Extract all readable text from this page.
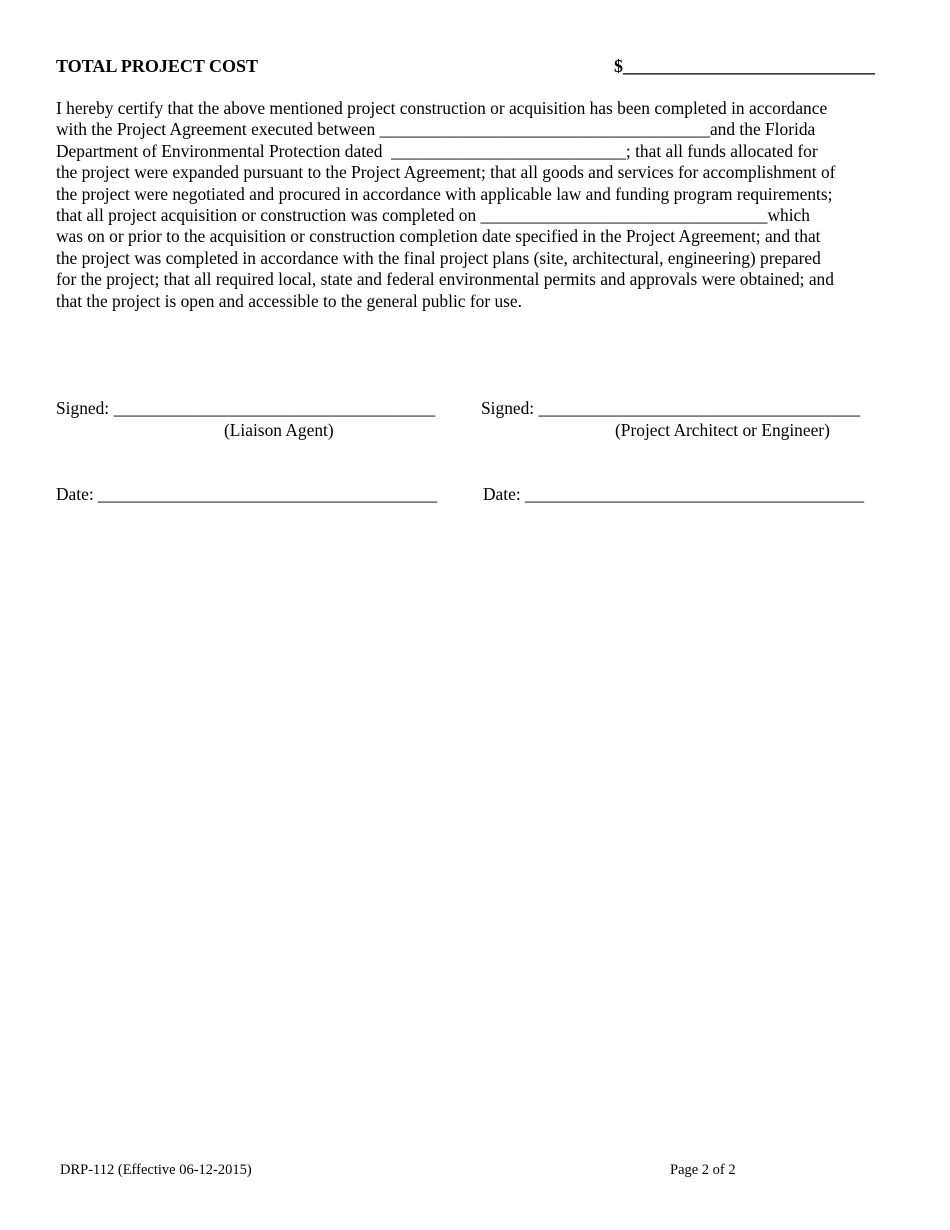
TOTAL PROJECT COST	$____________________________
I hereby certify that the above mentioned project construction or acquisition has been completed in accordance
with the Project Agreement executed between ______________________________________and the Florida
Department of Environmental Protection dated  ___________________________; that all funds allocated for
the project were expanded pursuant to the Project Agreement; that all goods and services for accomplishment of
the project were negotiated and procured in accordance with applicable law and funding program requirements;
that all project acquisition or construction was completed on _________________________________which
was on or prior to the acquisition or construction completion date specified in the Project Agreement; and that
the project was completed in accordance with the final project plans (site, architectural, engineering) prepared
for the project; that all required local, state and federal environmental permits and approvals were obtained; and
that the project is open and accessible to the general public for use.
Signed: _____________________________________
(Liaison Agent)
Signed: _____________________________________
(Project Architect or Engineer)
Date: _______________________________________	Date: _______________________________________
DRP-112 (Effective 06-12-2015)	Page 2 of 2
